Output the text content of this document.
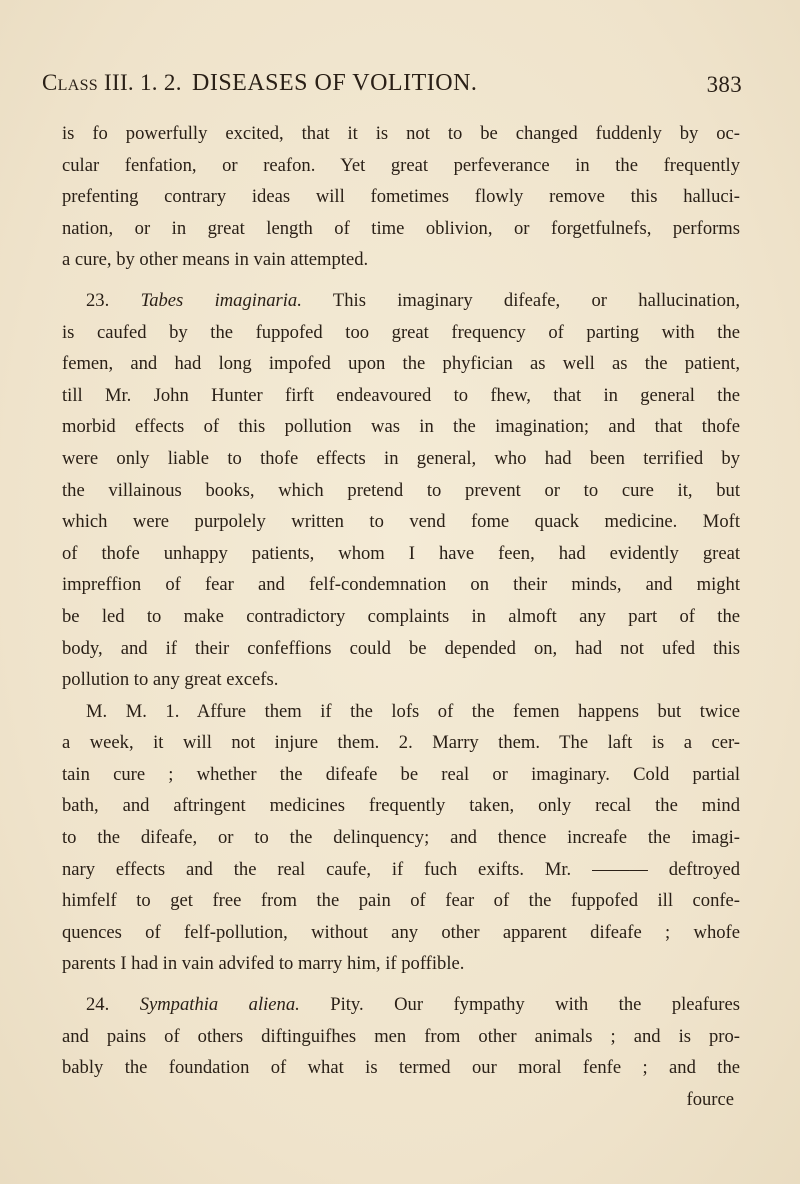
Class III. 1. 2. DISEASES OF VOLITION.	383
is fo powerfully excited, that it is not to be changed fuddenly by oc-
cular fenfation, or reafon. Yet great perfeverance in the frequently
prefenting contrary ideas will fometimes flowly remove this halluci-
nation, or in great length of time oblivion, or forgetfulnefs, performs
a cure, by other means in vain attempted.
23. Tabes imaginaria. This imaginary difeafe, or hallucination,
is caufed by the fuppofed too great frequency of parting with the
femen, and had long impofed upon the phyfician as well as the patient,
till Mr. John Hunter firft endeavoured to fhew, that in general the
morbid effects of this pollution was in the imagination; and that thofe
were only liable to thofe effects in general, who had been terrified by
the villainous books, which pretend to prevent or to cure it, but
which were purpolely written to vend fome quack medicine. Moft
of thofe unhappy patients, whom I have feen, had evidently great
impreffion of fear and felf-condemnation on their minds, and might
be led to make contradictory complaints in almoft any part of the
body, and if their confeffions could be depended on, had not ufed this
pollution to any great excefs.
M. M. 1. Affure them if the lofs of the femen happens but twice
a week, it will not injure them. 2. Marry them. The laft is a cer-
tain cure ; whether the difeafe be real or imaginary. Cold partial
bath, and aftringent medicines frequently taken, only recal the mind
to the difeafe, or to the delinquency; and thence increafe the imagi-
nary effects and the real caufe, if fuch exifts. Mr. ——— deftroyed
himfelf to get free from the pain of fear of the fuppofed ill confe-
quences of felf-pollution, without any other apparent difeafe ; whofe
parents I had in vain advifed to marry him, if poffible.
24. Sympathia aliena. Pity. Our fympathy with the pleafures
and pains of others diftinguifhes men from other animals ; and is pro-
bably the foundation of what is termed our moral fenfe ; and the
fource
